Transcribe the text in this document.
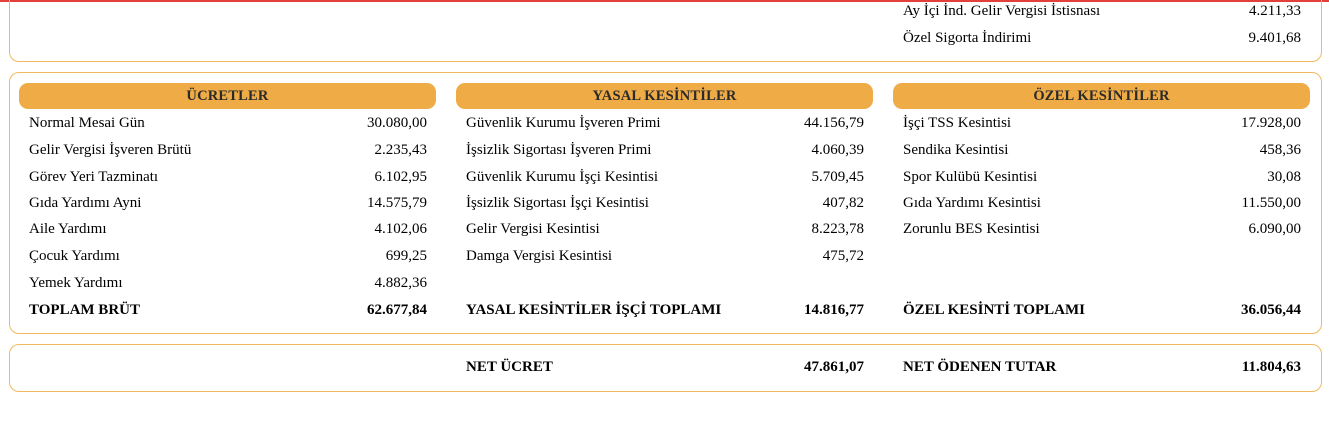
Ay İçi İnd. Gelir Vergisi İstisnası	4.211,33
Özel Sigorta İndirimi	9.401,68
ÜCRETLER	YASAL KESİNTİLER	ÖZEL KESİNTİLER
Normal Mesai Gün	30.080,00
Gelir Vergisi İşveren Brütü	2.235,43
Görev Yeri Tazminatı	6.102,95
Gıda Yardımı Ayni	14.575,79
Aile Yardımı	4.102,06
Çocuk Yardımı	699,25
Yemek Yardımı	4.882,36
TOPLAM BRÜT	62.677,84
Güvenlik Kurumu İşveren Primi	44.156,79
İşsizlik Sigortası İşveren Primi	4.060,39
Güvenlik Kurumu İşçi Kesintisi	5.709,45
İşsizlik Sigortası İşçi Kesintisi	407,82
Gelir Vergisi Kesintisi	8.223,78
Damga Vergisi Kesintisi	475,72
YASAL KESİNTİLER İŞÇİ TOPLAMI	14.816,77
İşçi TSS Kesintisi	17.928,00
Sendika Kesintisi	458,36
Spor Kulübü Kesintisi	30,08
Gıda Yardımı Kesintisi	11.550,00
Zorunlu BES Kesintisi	6.090,00
ÖZEL KESİNTİ TOPLAMI	36.056,44
NET ÜCRET	47.861,07	NET ÖDENEN TUTAR	11.804,63
